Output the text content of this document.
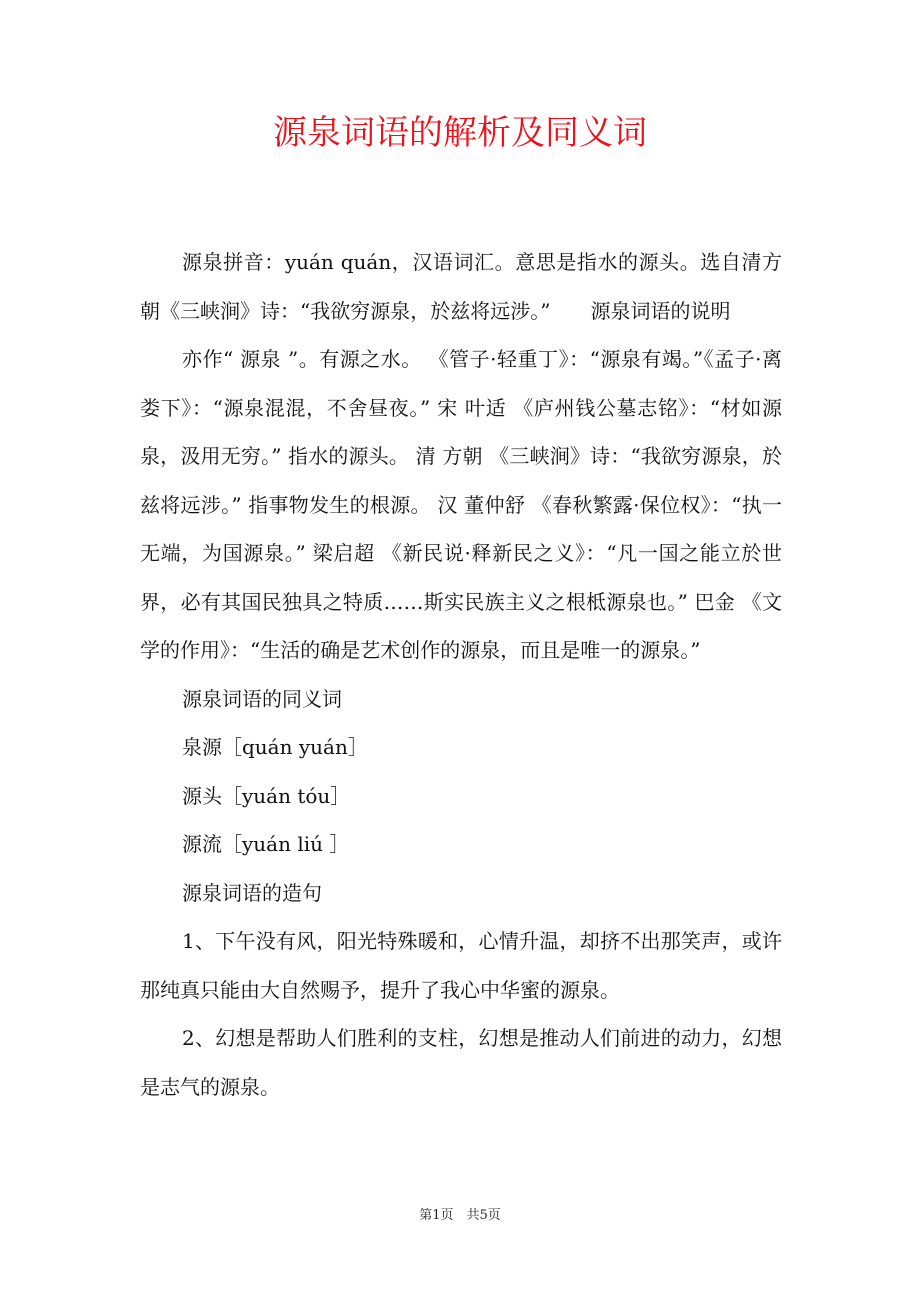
源泉词语的解析及同义词

源泉拼音：yuán quán，汉语词汇。意思是指水的源头。选自清方朝《三峡涧》诗：“我欲穷源泉，於兹将远涉。”　　源泉词语的说明

亦作“ 源泉 ”。有源之水。 《管子·轻重丁》：“源泉有竭。”《孟子·离娄下》：“源泉混混，不舍昼夜。” 宋 叶适 《庐州钱公墓志铭》：“材如源泉，汲用无穷。” 指水的源头。 清 方朝 《三峡涧》诗：“我欲穷源泉，於兹将远涉。” 指事物发生的根源。 汉 董仲舒 《春秋繁露·保位权》：“执一无端，为国源泉。” 梁启超 《新民说·释新民之义》：“凡一国之能立於世界，必有其国民独具之特质……斯实民族主义之根柢源泉也。” 巴金 《文学的作用》：“生活的确是艺术创作的源泉，而且是唯一的源泉。”

源泉词语的同义词

泉源［quán yuán］

源头［yuán tóu］

源流［yuán liú ］

源泉词语的造句

1、下午没有风，阳光特殊暖和，心情升温，却挤不出那笑声，或许那纯真只能由大自然赐予，提升了我心中华蜜的源泉。

2、幻想是帮助人们胜利的支柱，幻想是推动人们前进的动力，幻想是志气的源泉。

第1页　共5页
